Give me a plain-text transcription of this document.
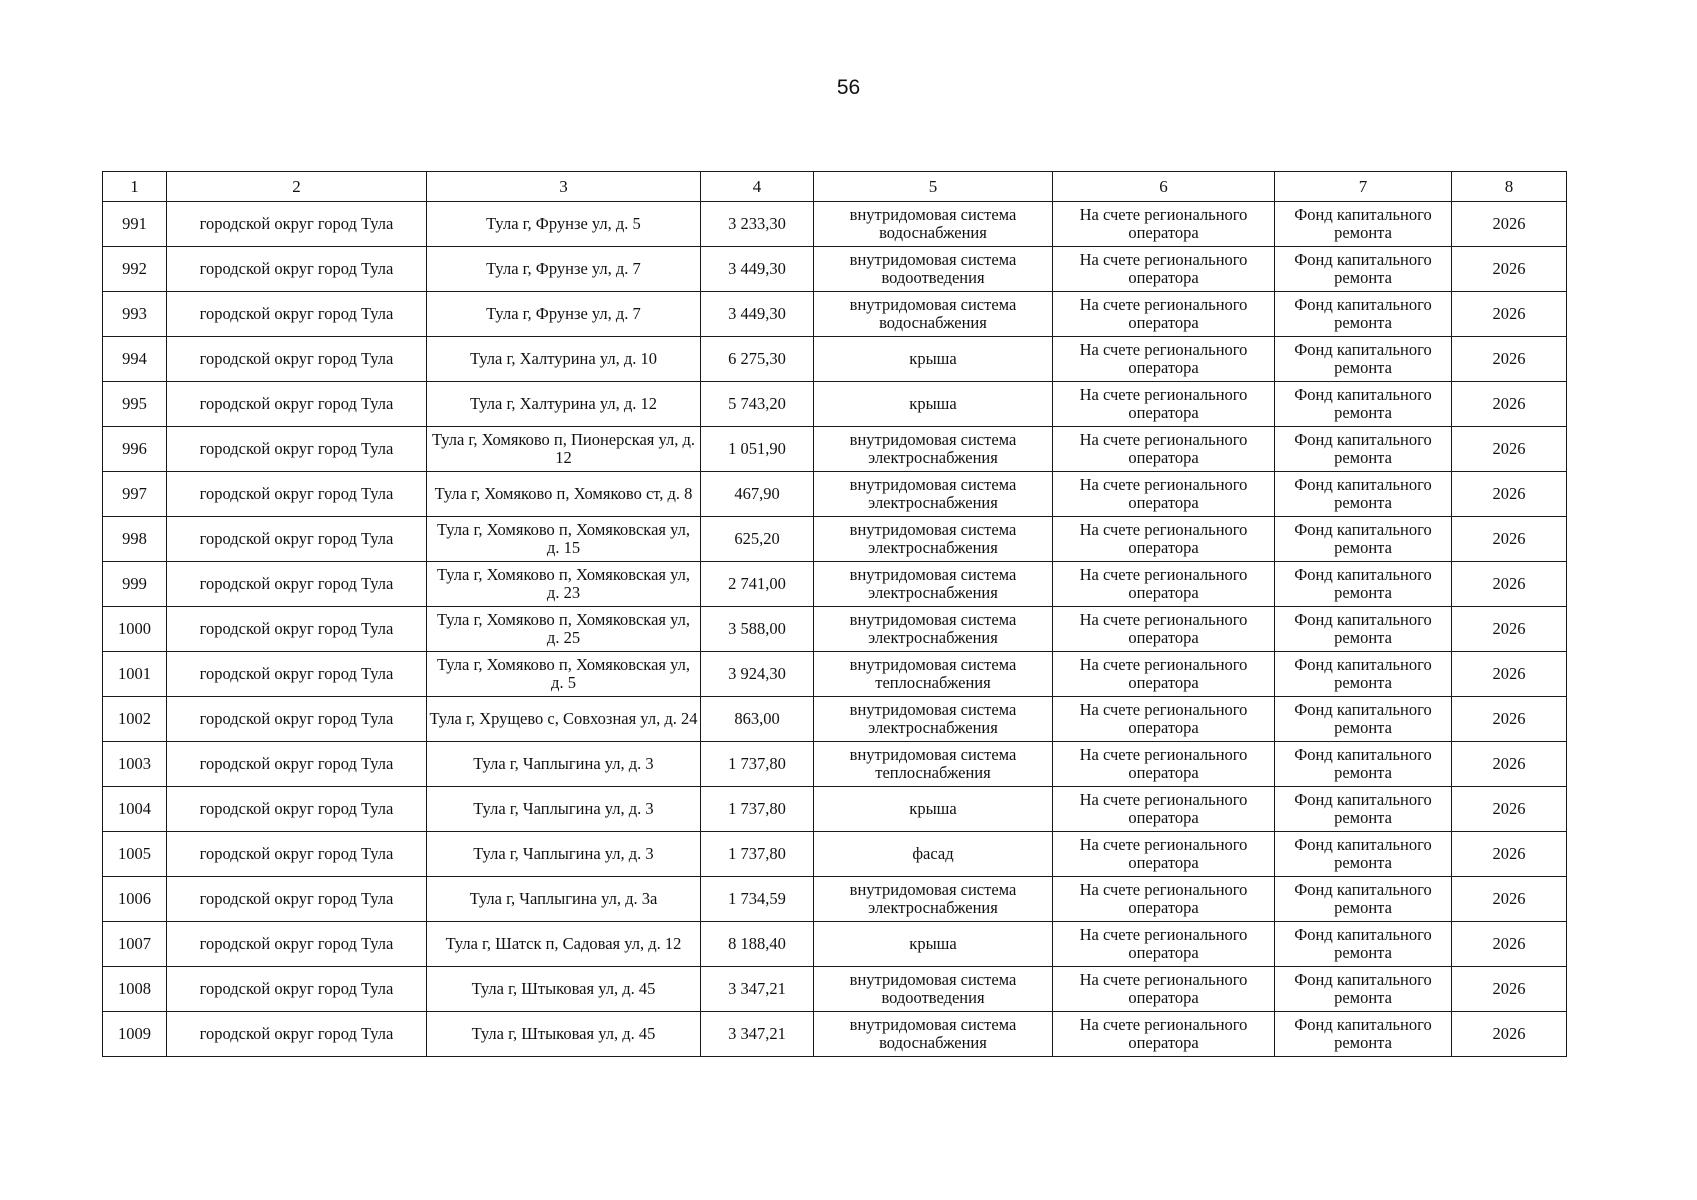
56
1	2	3	4	5	6	7	8
991	городской округ город Тула	Тула г, Фрунзе ул, д. 5	3 233,30	внутридомовая система водоснабжения	На счете регионального оператора	Фонд капитального ремонта	2026
992	городской округ город Тула	Тула г, Фрунзе ул, д. 7	3 449,30	внутридомовая система водоотведения	На счете регионального оператора	Фонд капитального ремонта	2026
993	городской округ город Тула	Тула г, Фрунзе ул, д. 7	3 449,30	внутридомовая система водоснабжения	На счете регионального оператора	Фонд капитального ремонта	2026
994	городской округ город Тула	Тула г, Халтурина ул, д. 10	6 275,30	крыша	На счете регионального оператора	Фонд капитального ремонта	2026
995	городской округ город Тула	Тула г, Халтурина ул, д. 12	5 743,20	крыша	На счете регионального оператора	Фонд капитального ремонта	2026
996	городской округ город Тула	Тула г, Хомяково п, Пионерская ул, д. 12	1 051,90	внутридомовая система электроснабжения	На счете регионального оператора	Фонд капитального ремонта	2026
997	городской округ город Тула	Тула г, Хомяково п, Хомяково ст, д. 8	467,90	внутридомовая система электроснабжения	На счете регионального оператора	Фонд капитального ремонта	2026
998	городской округ город Тула	Тула г, Хомяково п, Хомяковская ул, д. 15	625,20	внутридомовая система электроснабжения	На счете регионального оператора	Фонд капитального ремонта	2026
999	городской округ город Тула	Тула г, Хомяково п, Хомяковская ул, д. 23	2 741,00	внутридомовая система электроснабжения	На счете регионального оператора	Фонд капитального ремонта	2026
1000	городской округ город Тула	Тула г, Хомяково п, Хомяковская ул, д. 25	3 588,00	внутридомовая система электроснабжения	На счете регионального оператора	Фонд капитального ремонта	2026
1001	городской округ город Тула	Тула г, Хомяково п, Хомяковская ул, д. 5	3 924,30	внутридомовая система теплоснабжения	На счете регионального оператора	Фонд капитального ремонта	2026
1002	городской округ город Тула	Тула г, Хрущево с, Совхозная ул, д. 24	863,00	внутридомовая система электроснабжения	На счете регионального оператора	Фонд капитального ремонта	2026
1003	городской округ город Тула	Тула г, Чаплыгина ул, д. 3	1 737,80	внутридомовая система теплоснабжения	На счете регионального оператора	Фонд капитального ремонта	2026
1004	городской округ город Тула	Тула г, Чаплыгина ул, д. 3	1 737,80	крыша	На счете регионального оператора	Фонд капитального ремонта	2026
1005	городской округ город Тула	Тула г, Чаплыгина ул, д. 3	1 737,80	фасад	На счете регионального оператора	Фонд капитального ремонта	2026
1006	городской округ город Тула	Тула г, Чаплыгина ул, д. 3а	1 734,59	внутридомовая система электроснабжения	На счете регионального оператора	Фонд капитального ремонта	2026
1007	городской округ город Тула	Тула г, Шатск п, Садовая ул, д. 12	8 188,40	крыша	На счете регионального оператора	Фонд капитального ремонта	2026
1008	городской округ город Тула	Тула г, Штыковая ул, д. 45	3 347,21	внутридомовая система водоотведения	На счете регионального оператора	Фонд капитального ремонта	2026
1009	городской округ город Тула	Тула г, Штыковая ул, д. 45	3 347,21	внутридомовая система водоснабжения	На счете регионального оператора	Фонд капитального ремонта	2026
